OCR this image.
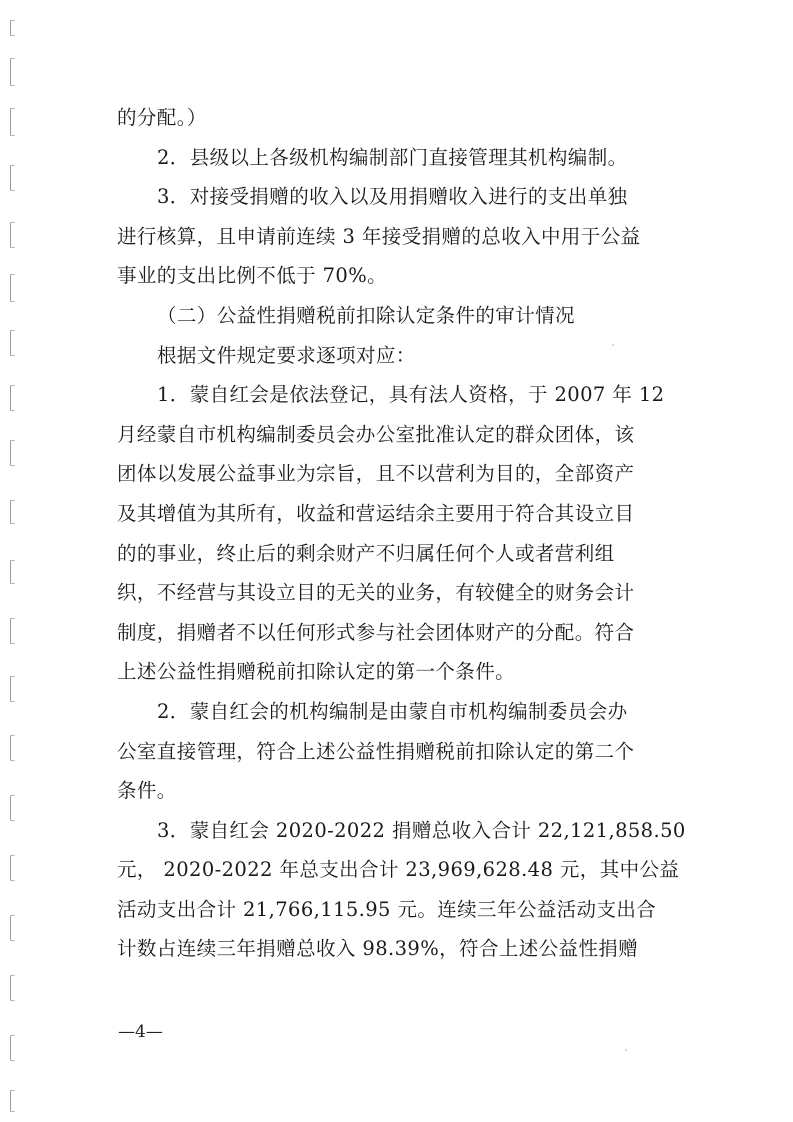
的分配。）
2．县级以上各级机构编制部门直接管理其机构编制。
3．对接受捐赠的收入以及用捐赠收入进行的支出单独
进行核算，且申请前连续 3 年接受捐赠的总收入中用于公益
事业的支出比例不低于 70%。
（二）公益性捐赠税前扣除认定条件的审计情况
根据文件规定要求逐项对应：
1．蒙自红会是依法登记，具有法人资格，于 2007 年 12
月经蒙自市机构编制委员会办公室批准认定的群众团体，该
团体以发展公益事业为宗旨，且不以营利为目的，全部资产
及其增值为其所有，收益和营运结余主要用于符合其设立目
的的事业，终止后的剩余财产不归属任何个人或者营利组
织，不经营与其设立目的无关的业务，有较健全的财务会计
制度，捐赠者不以任何形式参与社会团体财产的分配。符合
上述公益性捐赠税前扣除认定的第一个条件。
2．蒙自红会的机构编制是由蒙自市机构编制委员会办
公室直接管理，符合上述公益性捐赠税前扣除认定的第二个
条件。
3．蒙自红会 2020-2022 捐赠总收入合计 22,121,858.50
元， 2020-2022 年总支出合计 23,969,628.48 元，其中公益
活动支出合计 21,766,115.95 元。连续三年公益活动支出合
计数占连续三年捐赠总收入 98.39%，符合上述公益性捐赠
—4—
